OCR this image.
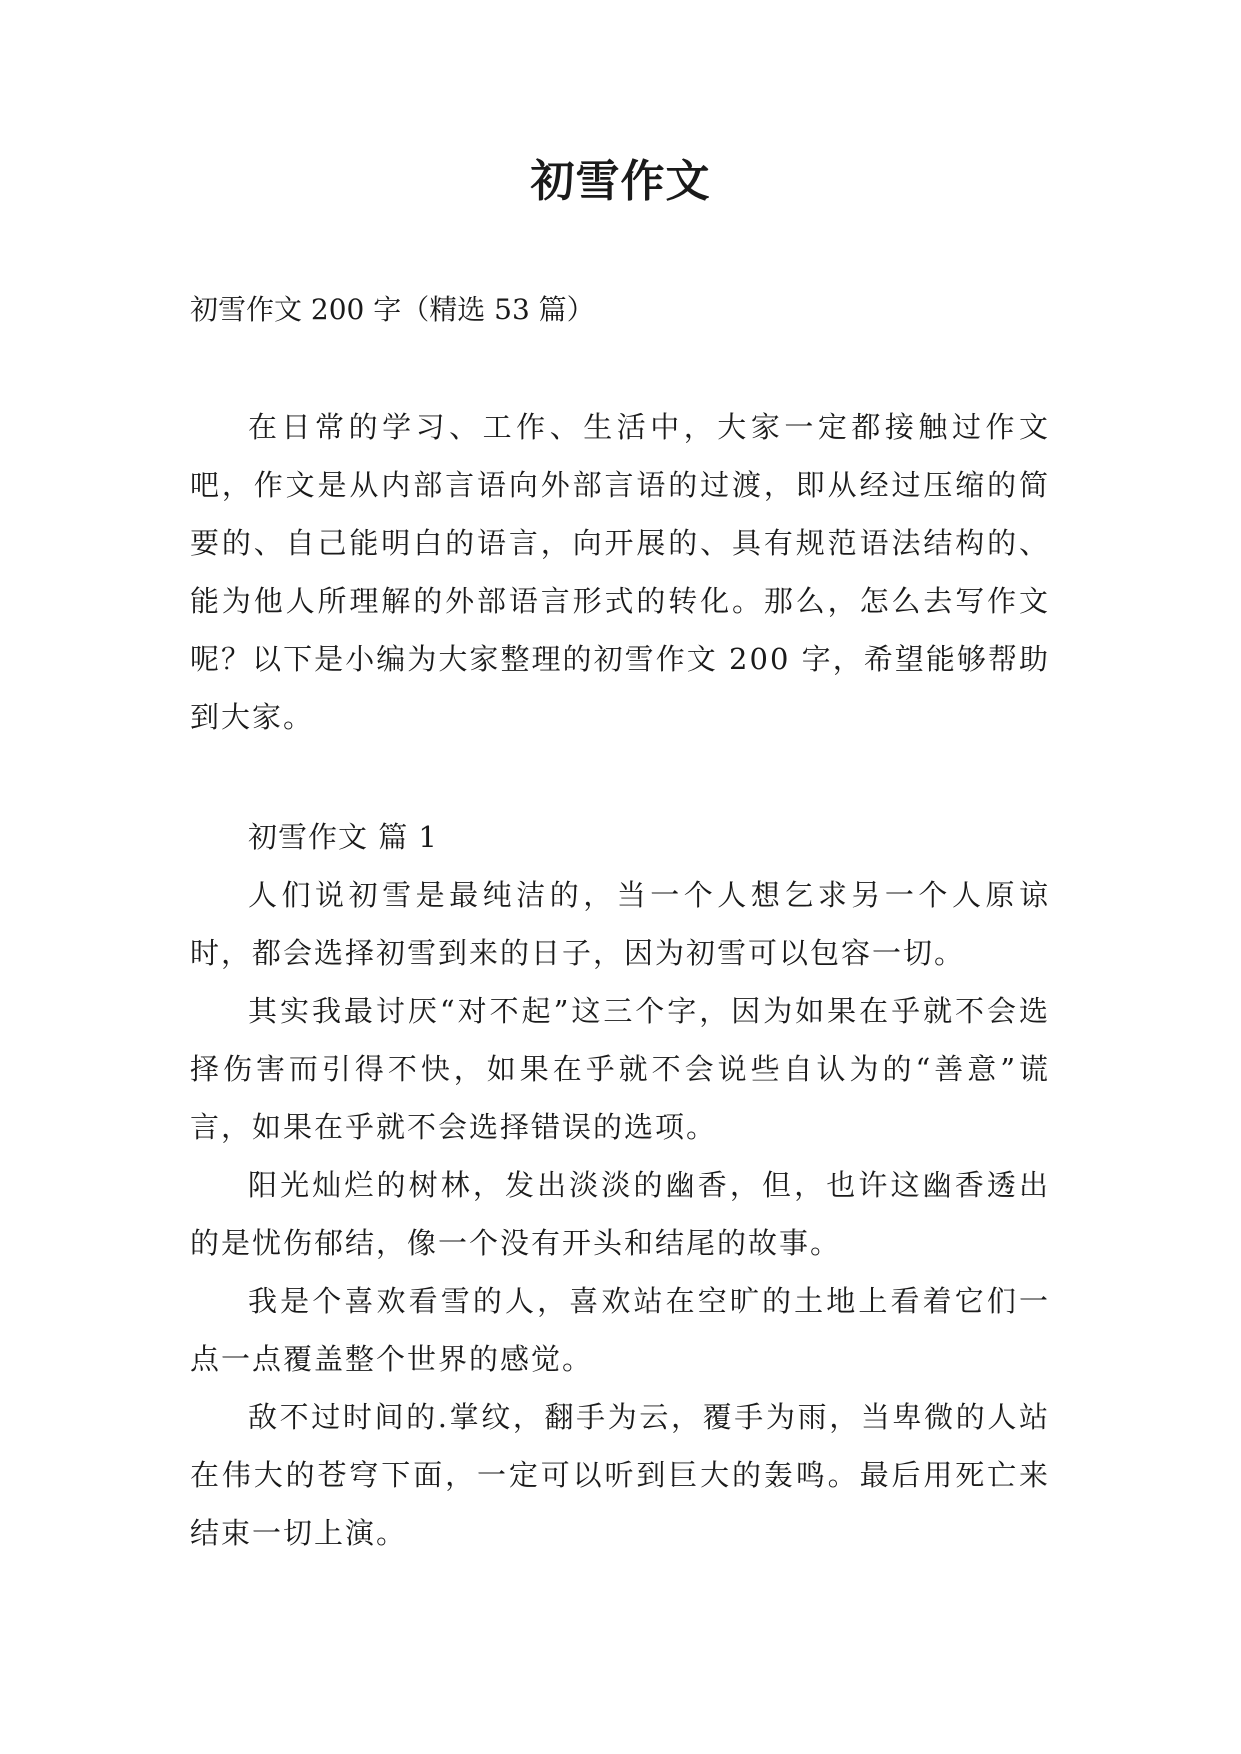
初雪作文

初雪作文 200 字（精选 53 篇）

在日常的学习、工作、生活中，大家一定都接触过作文吧，作文是从内部言语向外部言语的过渡，即从经过压缩的简要的、自己能明白的语言，向开展的、具有规范语法结构的、能为他人所理解的外部语言形式的转化。那么，怎么去写作文呢？以下是小编为大家整理的初雪作文 200 字，希望能够帮助到大家。

初雪作文 篇 1

人们说初雪是最纯洁的，当一个人想乞求另一个人原谅时，都会选择初雪到来的日子，因为初雪可以包容一切。

其实我最讨厌“对不起”这三个字，因为如果在乎就不会选择伤害而引得不快，如果在乎就不会说些自认为的“善意”谎言，如果在乎就不会选择错误的选项。

阳光灿烂的树林，发出淡淡的幽香，但，也许这幽香透出的是忧伤郁结，像一个没有开头和结尾的故事。

我是个喜欢看雪的人，喜欢站在空旷的土地上看着它们一点一点覆盖整个世界的感觉。

敌不过时间的.掌纹，翻手为云，覆手为雨，当卑微的人站在伟大的苍穹下面，一定可以听到巨大的轰鸣。最后用死亡来结束一切上演。
